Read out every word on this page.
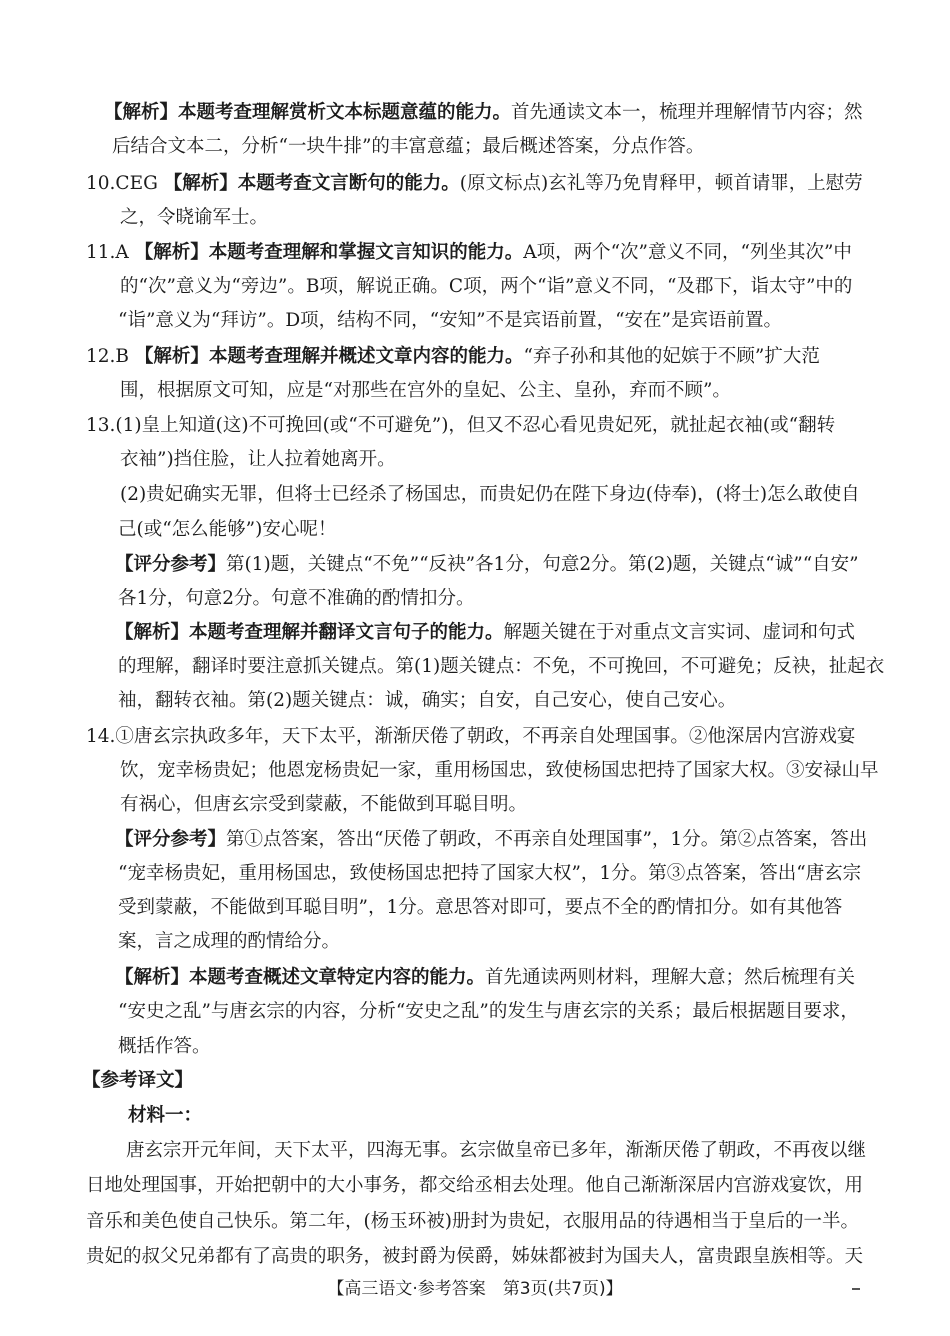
【解析】本题考查理解赏析文本标题意蕴的能力。首先通读文本一，梳理并理解情节内容；然
后结合文本二，分析“一块牛排”的丰富意蕴；最后概述答案，分点作答。
10.CEG 【解析】本题考查文言断句的能力。(原文标点)玄礼等乃免胄释甲，顿首请罪，上慰劳
之，令晓谕军士。
11.A 【解析】本题考查理解和掌握文言知识的能力。A项，两个“次”意义不同，“列坐其次”中
的“次”意义为“旁边”。B项，解说正确。C项，两个“诣”意义不同，“及郡下，诣太守”中的
“诣”意义为“拜访”。D项，结构不同，“安知”不是宾语前置，“安在”是宾语前置。
12.B 【解析】本题考查理解并概述文章内容的能力。“弃子孙和其他的妃嫔于不顾”扩大范
围，根据原文可知，应是“对那些在宫外的皇妃、公主、皇孙，弃而不顾”。
13.(1)皇上知道(这)不可挽回(或“不可避免”)，但又不忍心看见贵妃死，就扯起衣袖(或“翻转
衣袖”)挡住脸，让人拉着她离开。
(2)贵妃确实无罪，但将士已经杀了杨国忠，而贵妃仍在陛下身边(侍奉)，(将士)怎么敢使自
己(或“怎么能够”)安心呢！
【评分参考】第(1)题，关键点“不免”“反袂”各1分，句意2分。第(2)题，关键点“诚”“自安”
各1分，句意2分。句意不准确的酌情扣分。
【解析】本题考查理解并翻译文言句子的能力。解题关键在于对重点文言实词、虚词和句式
的理解，翻译时要注意抓关键点。第(1)题关键点：不免，不可挽回，不可避免；反袂，扯起衣
袖，翻转衣袖。第(2)题关键点：诚，确实；自安，自己安心，使自己安心。
14.①唐玄宗执政多年，天下太平，渐渐厌倦了朝政，不再亲自处理国事。②他深居内宫游戏宴
饮，宠幸杨贵妃；他恩宠杨贵妃一家，重用杨国忠，致使杨国忠把持了国家大权。③安禄山早
有祸心，但唐玄宗受到蒙蔽，不能做到耳聪目明。
【评分参考】第①点答案，答出“厌倦了朝政，不再亲自处理国事”，1分。第②点答案，答出
“宠幸杨贵妃，重用杨国忠，致使杨国忠把持了国家大权”，1分。第③点答案，答出“唐玄宗
受到蒙蔽，不能做到耳聪目明”，1分。意思答对即可，要点不全的酌情扣分。如有其他答
案，言之成理的酌情给分。
【解析】本题考查概述文章特定内容的能力。首先通读两则材料，理解大意；然后梳理有关
“安史之乱”与唐玄宗的内容，分析“安史之乱”的发生与唐玄宗的关系；最后根据题目要求，
概括作答。
【参考译文】
材料一：
唐玄宗开元年间，天下太平，四海无事。玄宗做皇帝已多年，渐渐厌倦了朝政，不再夜以继
日地处理国事，开始把朝中的大小事务，都交给丞相去处理。他自己渐渐深居内宫游戏宴饮，用
音乐和美色使自己快乐。第二年，(杨玉环被)册封为贵妃，衣服用品的待遇相当于皇后的一半。
贵妃的叔父兄弟都有了高贵的职务，被封爵为侯爵，姊妹都被封为国夫人，富贵跟皇族相等。天
【高三语文·参考答案　第3页(共7页)】
